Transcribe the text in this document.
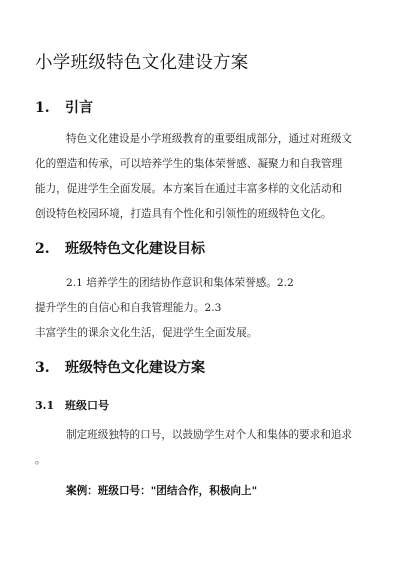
小学班级特色文化建设方案
1. 引言
特色文化建设是小学班级教育的重要组成部分，通过对班级文
化的塑造和传承，可以培养学生的集体荣誉感、凝聚力和自我管理
能力，促进学生全面发展。本方案旨在通过丰富多样的文化活动和
创设特色校园环境，打造具有个性化和引领性的班级特色文化。
2. 班级特色文化建设目标
2.1 培养学生的团结协作意识和集体荣誉感。2.2
提升学生的自信心和自我管理能力。2.3
丰富学生的课余文化生活，促进学生全面发展。
3. 班级特色文化建设方案
3.1 班级口号
制定班级独特的口号，以鼓励学生对个人和集体的要求和追求
。
案例：班级口号："团结合作，积极向上"
